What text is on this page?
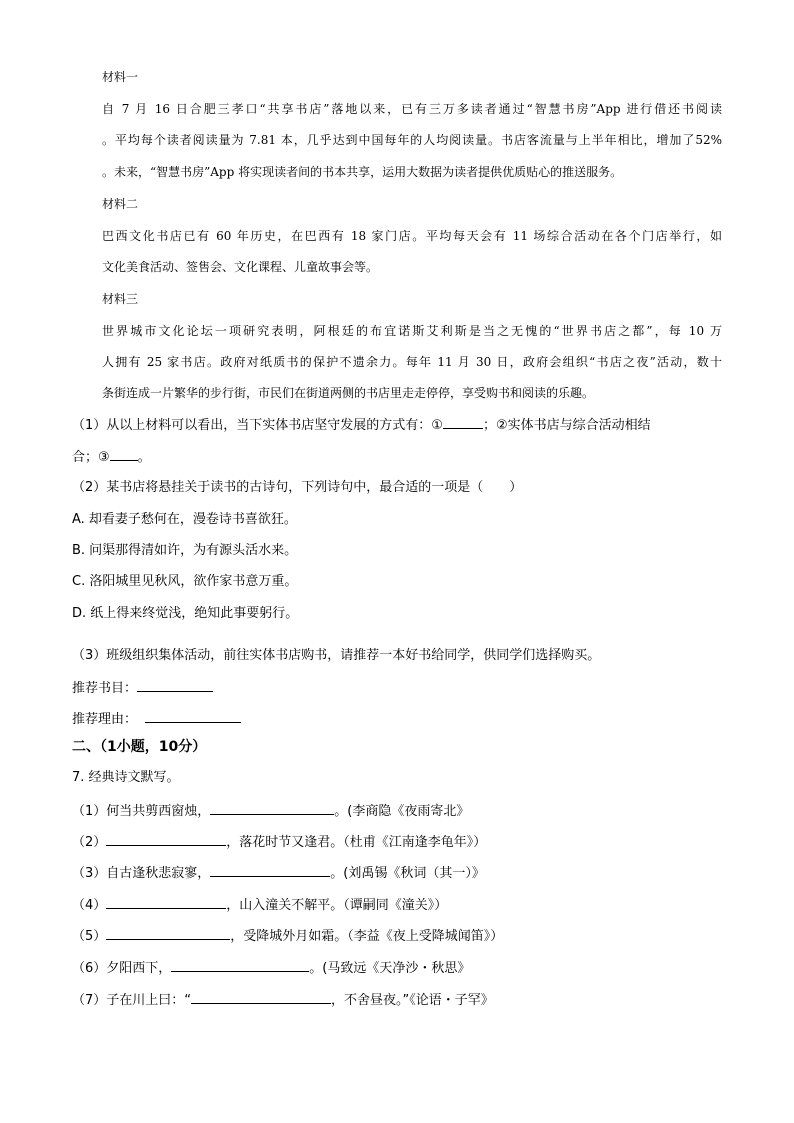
材料一
自 7 月 16 日合肥三孝口“共享书店”落地以来，已有三万多读者通过“智慧书房”App 进行借还书阅读
。平均每个读者阅读量为 7.81 本，几乎达到中国每年的人均阅读量。书店客流量与上半年相比，增加了52%
。未来，“智慧书房”App 将实现读者间的书本共享，运用大数据为读者提供优质贴心的推送服务。
材料二
巴西文化书店已有 60 年历史，在巴西有 18 家门店。平均每天会有 11 场综合活动在各个门店举行，如
文化美食活动、签售会、文化课程、儿童故事会等。
材料三
世界城市文化论坛一项研究表明，阿根廷的布宜诺斯艾利斯是当之无愧的“世界书店之都”，每 10 万
人拥有 25 家书店。政府对纸质书的保护不遗余力。每年 11 月 30 日，政府会组织“书店之夜”活动，数十
条街连成一片繁华的步行街，市民们在街道两侧的书店里走走停停，享受购书和阅读的乐趣。
（1）从以上材料可以看出，当下实体书店坚守发展的方式有：①	；②实体书店与综合活动相结
合；③ 。
（2）某书店将悬挂关于读书的古诗句，下列诗句中，最合适的一项是（　　）
A. 却看妻子愁何在，漫卷诗书喜欲狂。
B. 问渠那得清如许，为有源头活水来。
C. 洛阳城里见秋风，欲作家书意万重。
D. 纸上得来终觉浅，绝知此事要躬行。
（3）班级组织集体活动，前往实体书店购书，请推荐一本好书给同学，供同学们选择购买。
推荐书目：
推荐理由：
二、（1小题，10分）
7. 经典诗文默写。
（1）何当共剪西窗烛，	。(李商隐《夜雨寄北》
（2）	，落花时节又逢君。（杜甫《江南逢李龟年》）
（3）自古逢秋悲寂寥，	。(刘禹锡《秋词（其一）》
（4）	，山入潼关不解平。（谭嗣同《潼关》）
（5）	，受降城外月如霜。（李益《夜上受降城闻笛》）
（6）夕阳西下，	。(马致远《天净沙・秋思》
（7）子在川上曰：“	，不舍昼夜。”《论语・子罕》
